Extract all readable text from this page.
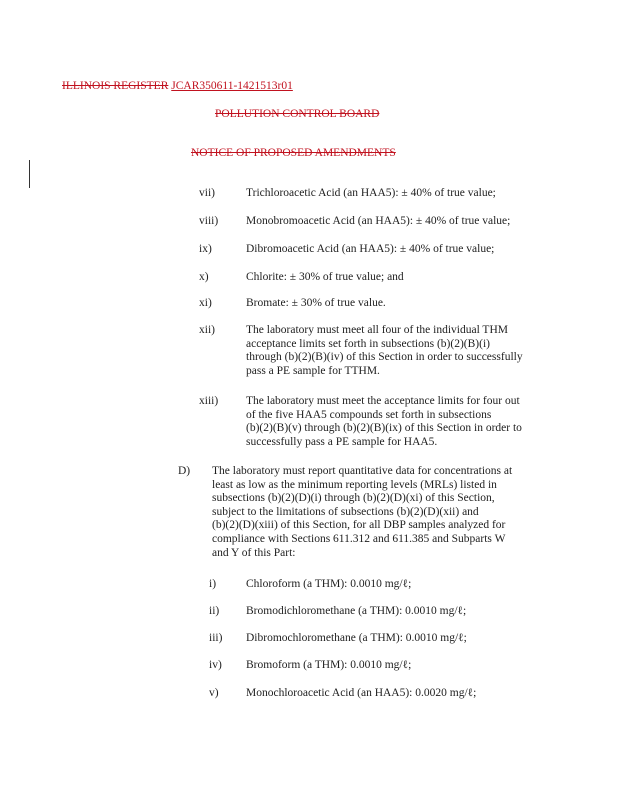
ILLINOIS REGISTER JCAR350611-1421513r01
POLLUTION CONTROL BOARD
NOTICE OF PROPOSED AMENDMENTS
vii)	Trichloroacetic Acid (an HAA5): ± 40% of true value;
viii) Monobromoacetic Acid (an HAA5): ± 40% of true value;
ix)	Dibromoacetic Acid (an HAA5): ± 40% of true value;
x)	Chlorite: ± 30% of true value; and
xi)	Bromate: ± 30% of true value.
xii)	The laboratory must meet all four of the individual THM
acceptance limits set forth in subsections (b)(2)(B)(i)
through (b)(2)(B)(iv) of this Section in order to successfully
pass a PE sample for TTHM.
xiii) The laboratory must meet the acceptance limits for four out
of the five HAA5 compounds set forth in subsections
(b)(2)(B)(v) through (b)(2)(B)(ix) of this Section in order to
successfully pass a PE sample for HAA5.
D) The laboratory must report quantitative data for concentrations at
least as low as the minimum reporting levels (MRLs) listed in
subsections (b)(2)(D)(i) through (b)(2)(D)(xi) of this Section,
subject to the limitations of subsections (b)(2)(D)(xii) and
(b)(2)(D)(xiii) of this Section, for all DBP samples analyzed for
compliance with Sections 611.312 and 611.385 and Subparts W
and Y of this Part:
i)	Chloroform (a THM): 0.0010 mg/ℓ;
ii) Bromodichloromethane (a THM): 0.0010 mg/ℓ;
iii) Dibromochloromethane (a THM): 0.0010 mg/ℓ;
iv) Bromoform (a THM): 0.0010 mg/ℓ;
v) Monochloroacetic Acid (an HAA5): 0.0020 mg/ℓ;
